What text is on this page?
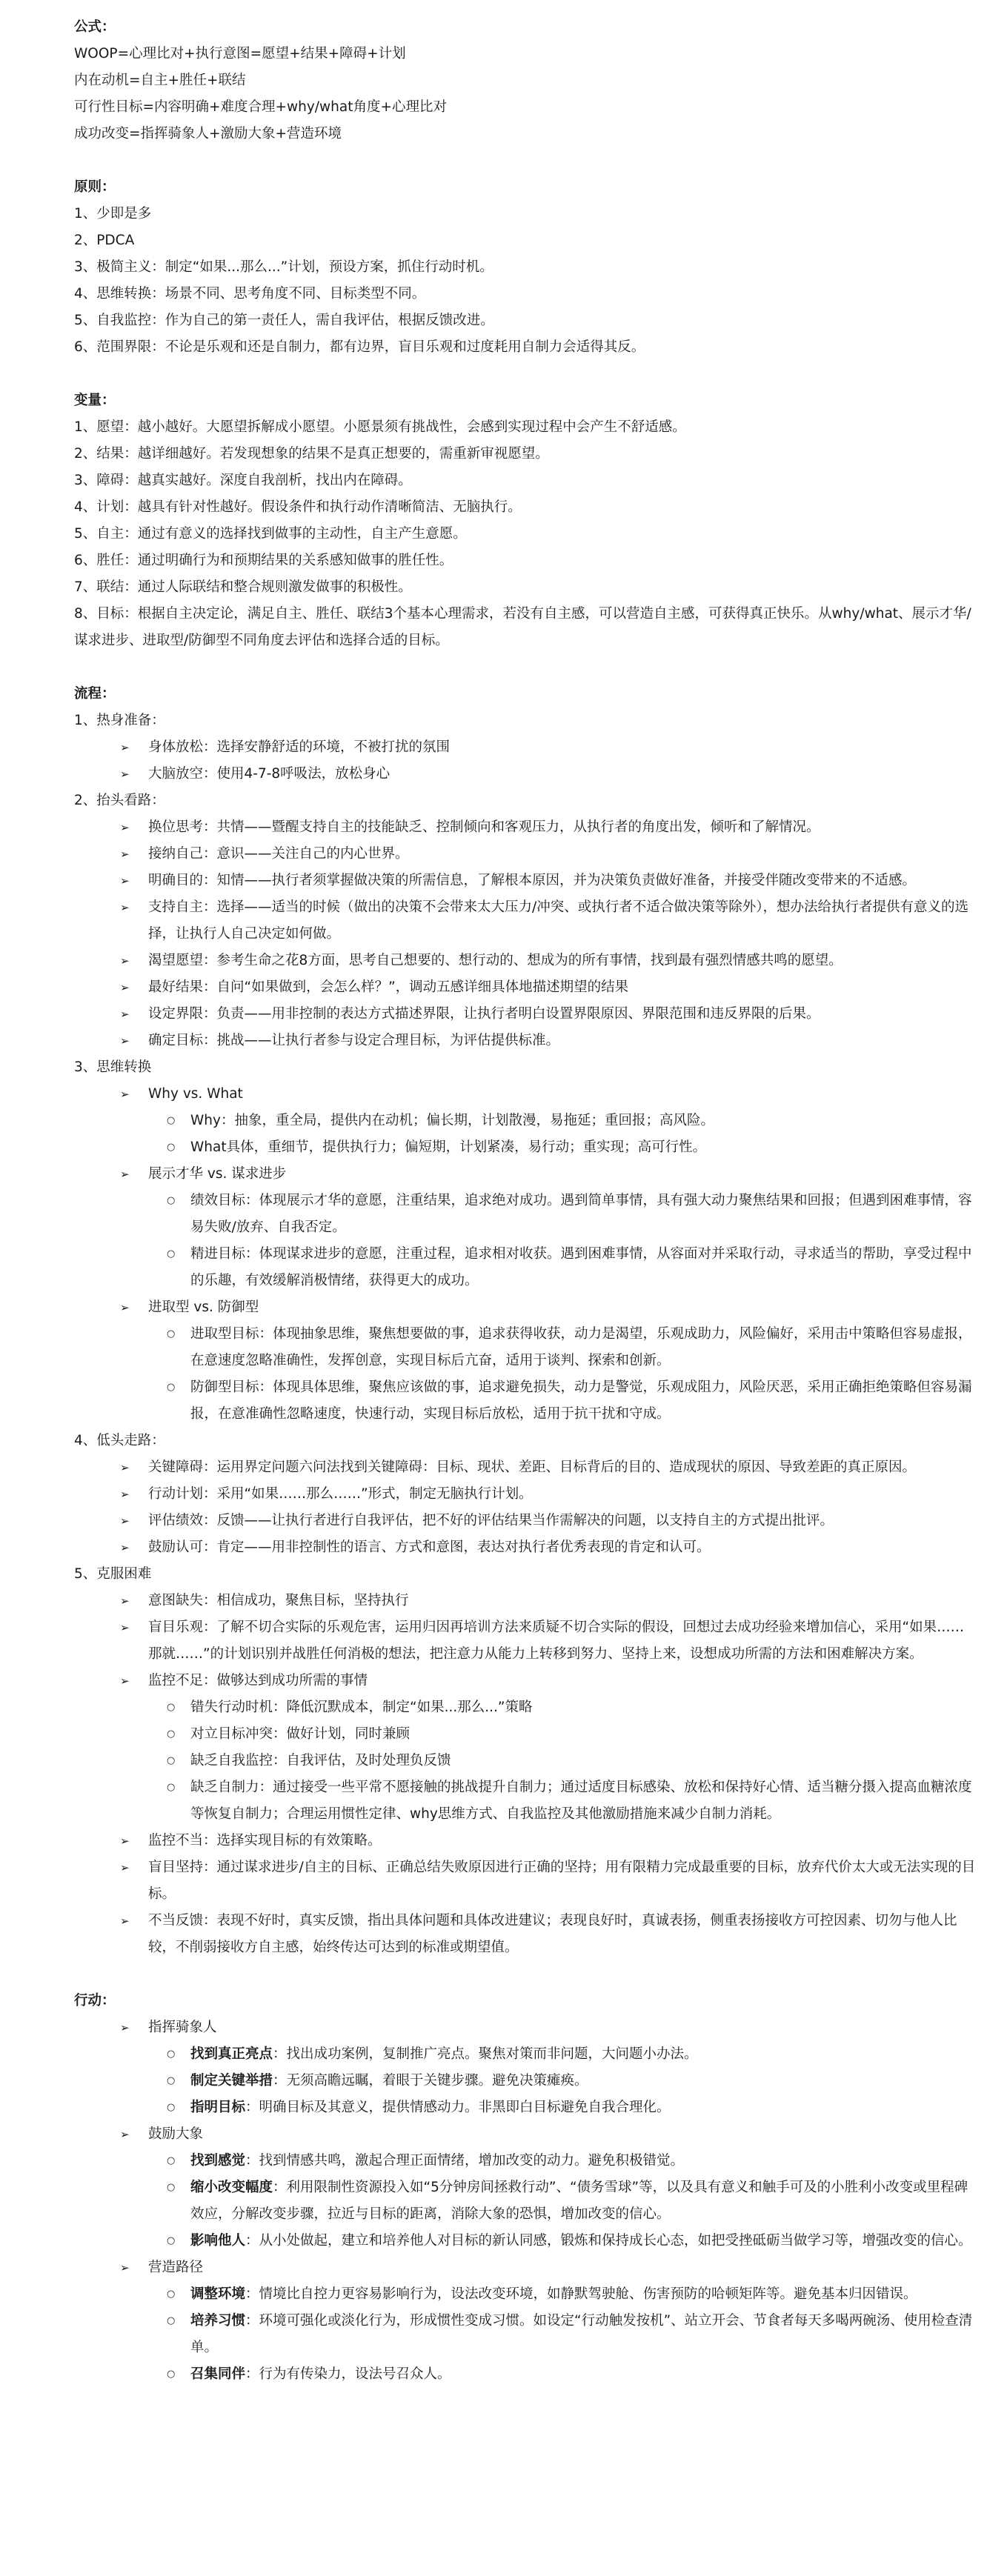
公式：
WOOP=心理比对+执行意图=愿望+结果+障碍+计划
内在动机=自主+胜任+联结
可行性目标=内容明确+难度合理+why/what角度+心理比对
成功改变=指挥骑象人+激励大象+营造环境
原则：
1、少即是多
2、PDCA
3、极简主义：制定“如果...那么...”计划，预设方案，抓住行动时机。
4、思维转换：场景不同、思考角度不同、目标类型不同。
5、自我监控：作为自己的第一责任人，需自我评估，根据反馈改进。
6、范围界限：不论是乐观和还是自制力，都有边界，盲目乐观和过度耗用自制力会适得其反。
变量：
1、愿望：越小越好。大愿望拆解成小愿望。小愿景须有挑战性，会感到实现过程中会产生不舒适感。
2、结果：越详细越好。若发现想象的结果不是真正想要的，需重新审视愿望。
3、障碍：越真实越好。深度自我剖析，找出内在障碍。
4、计划：越具有针对性越好。假设条件和执行动作清晰简洁、无脑执行。
5、自主：通过有意义的选择找到做事的主动性，自主产生意愿。
6、胜任：通过明确行为和预期结果的关系感知做事的胜任性。
7、联结：通过人际联结和整合规则激发做事的积极性。
8、目标：根据自主决定论，满足自主、胜任、联结3个基本心理需求，若没有自主感，可以营造自主感，可获得真正快乐。从why/what、展示才华/谋求进步、进取型/防御型不同角度去评估和选择合适的目标。
流程：
1、热身准备：
➢	身体放松：选择安静舒适的环境，不被打扰的氛围
➢	大脑放空：使用4-7-8呼吸法，放松身心
2、抬头看路：
➢	换位思考：共情——暨醒支持自主的技能缺乏、控制倾向和客观压力，从执行者的角度出发，倾听和了解情况。
➢	接纳自己：意识——关注自己的内心世界。
➢	明确目的：知情——执行者须掌握做决策的所需信息，了解根本原因，并为决策负责做好准备，并接受伴随改变带来的不适感。
➢	支持自主：选择——适当的时候（做出的决策不会带来太大压力/冲突、或执行者不适合做决策等除外），想办法给执行者提供有意义的选择，让执行人自己决定如何做。
➢	渴望愿望：参考生命之花8方面，思考自己想要的、想行动的、想成为的所有事情，找到最有强烈情感共鸣的愿望。
➢	最好结果：自问“如果做到，会怎么样？”，调动五感详细具体地描述期望的结果
➢	设定界限：负责——用非控制的表达方式描述界限，让执行者明白设置界限原因、界限范围和违反界限的后果。
➢	确定目标：挑战——让执行者参与设定合理目标，为评估提供标准。
3、思维转换
➢	Why vs. What
○	Why：抽象，重全局，提供内在动机；偏长期，计划散漫，易拖延；重回报；高风险。
○	What具体，重细节，提供执行力；偏短期，计划紧凑，易行动；重实现；高可行性。
➢	展示才华 vs. 谋求进步
○	绩效目标：体现展示才华的意愿，注重结果，追求绝对成功。遇到简单事情，具有强大动力聚焦结果和回报；但遇到困难事情，容易失败/放弃、自我否定。
○	精进目标：体现谋求进步的意愿，注重过程，追求相对收获。遇到困难事情，从容面对并采取行动，寻求适当的帮助，享受过程中的乐趣，有效缓解消极情绪，获得更大的成功。
➢	进取型 vs. 防御型
○	进取型目标：体现抽象思维，聚焦想要做的事，追求获得收获，动力是渴望，乐观成助力，风险偏好，采用击中策略但容易虚报，在意速度忽略准确性，发挥创意，实现目标后亢奋，适用于谈判、探索和创新。
○	防御型目标：体现具体思维，聚焦应该做的事，追求避免损失，动力是警觉，乐观成阻力，风险厌恶，采用正确拒绝策略但容易漏报，在意准确性忽略速度，快速行动，实现目标后放松，适用于抗干扰和守成。
4、低头走路：
➢	关键障碍：运用界定问题六问法找到关键障碍：目标、现状、差距、目标背后的目的、造成现状的原因、导致差距的真正原因。
➢	行动计划：采用“如果……那么……”形式，制定无脑执行计划。
➢	评估绩效：反馈——让执行者进行自我评估，把不好的评估结果当作需解决的问题，以支持自主的方式提出批评。
➢	鼓励认可：肯定——用非控制性的语言、方式和意图，表达对执行者优秀表现的肯定和认可。
5、克服困难
➢	意图缺失：相信成功，聚焦目标，坚持执行
➢	盲目乐观：了解不切合实际的乐观危害，运用归因再培训方法来质疑不切合实际的假设，回想过去成功经验来增加信心，采用“如果……那就……”的计划识别并战胜任何消极的想法，把注意力从能力上转移到努力、坚持上来，设想成功所需的方法和困难解决方案。
➢	监控不足：做够达到成功所需的事情
○	错失行动时机：降低沉默成本，制定“如果...那么...”策略
○	对立目标冲突：做好计划，同时兼顾
○	缺乏自我监控：自我评估，及时处理负反馈
○	缺乏自制力：通过接受一些平常不愿接触的挑战提升自制力；通过适度目标感染、放松和保持好心情、适当糖分摄入提高血糖浓度等恢复自制力；合理运用惯性定律、why思维方式、自我监控及其他激励措施来减少自制力消耗。
➢	监控不当：选择实现目标的有效策略。
➢	盲目坚持：通过谋求进步/自主的目标、正确总结失败原因进行正确的坚持；用有限精力完成最重要的目标，放弃代价太大或无法实现的目标。
➢	不当反馈：表现不好时，真实反馈，指出具体问题和具体改进建议；表现良好时，真诚表扬，侧重表扬接收方可控因素、切勿与他人比较，不削弱接收方自主感，始终传达可达到的标准或期望值。
行动：
➢	指挥骑象人
○	找到真正亮点：找出成功案例，复制推广亮点。聚焦对策而非问题，大问题小办法。
○	制定关键举措：无须高瞻远瞩，着眼于关键步骤。避免决策瘫痪。
○	指明目标：明确目标及其意义，提供情感动力。非黑即白目标避免自我合理化。
➢	鼓励大象
○	找到感觉：找到情感共鸣，激起合理正面情绪，增加改变的动力。避免积极错觉。
○	缩小改变幅度：利用限制性资源投入如“5分钟房间拯救行动”、“债务雪球”等，以及具有意义和触手可及的小胜利小改变或里程碑效应，分解改变步骤，拉近与目标的距离，消除大象的恐惧，增加改变的信心。
○	影响他人：从小处做起，建立和培养他人对目标的新认同感，锻炼和保持成长心态，如把受挫砥砺当做学习等，增强改变的信心。
➢	营造路径
○	调整环境：情境比自控力更容易影响行为，设法改变环境，如静默驾驶舱、伤害预防的哈顿矩阵等。避免基本归因错误。
○	培养习惯：环境可强化或淡化行为，形成惯性变成习惯。如设定“行动触发按机”、站立开会、节食者每天多喝两碗汤、使用检查清单。
○	召集同伴：行为有传染力，设法号召众人。
